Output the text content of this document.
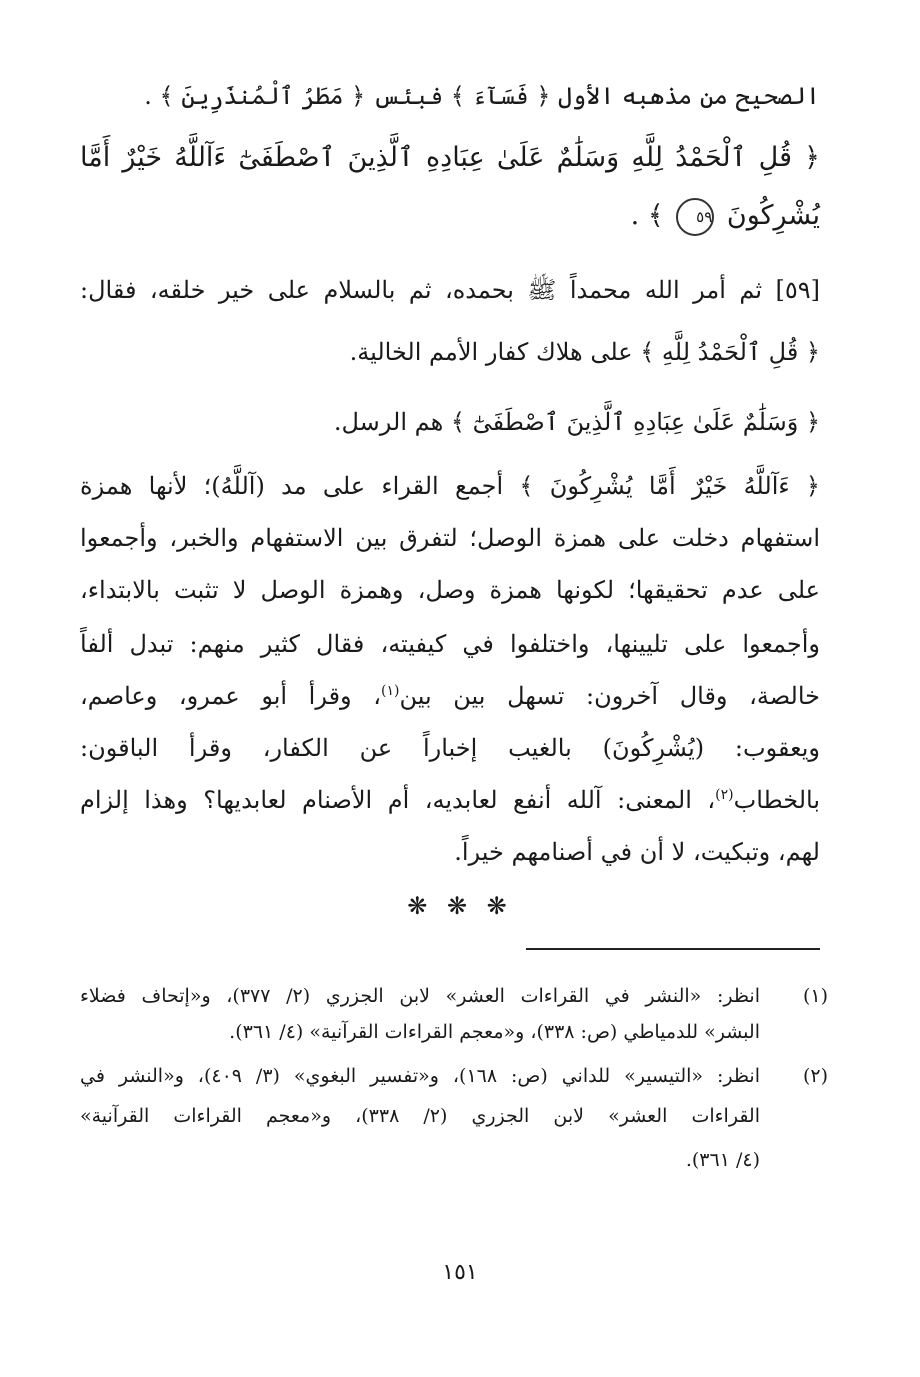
الصحيح من مذهبه الأول ﴿ فَسَآءَ ﴾ فبئس ﴿ مَطَرُ ٱلْمُنذَرِينَ ﴾ .
﴿ قُلِ ٱلْحَمْدُ لِلَّهِ وَسَلَٰمٌ عَلَىٰ عِبَادِهِ ٱلَّذِينَ ٱصْطَفَىٰٓ ءَآللَّهُ خَيْرٌ أَمَّا
يُشْرِكُونَ ٥٩ ﴾ .
[٥٩] ثم أمر الله محمداً ﷺ بحمده، ثم بالسلام على خير خلقه، فقال:
﴿ قُلِ ٱلْحَمْدُ لِلَّهِ ﴾ على هلاك كفار الأمم الخالية.
﴿ وَسَلَٰمٌ عَلَىٰ عِبَادِهِ ٱلَّذِينَ ٱصْطَفَىٰٓ ﴾ هم الرسل.
﴿ ءَآللَّهُ خَيْرٌ أَمَّا يُشْرِكُونَ ﴾ أجمع القراء على مد (آللَّهُ)؛ لأنها همزة
استفهام دخلت على همزة الوصل؛ لتفرق بين الاستفهام والخبر، وأجمعوا
على عدم تحقيقها؛ لكونها همزة وصل، وهمزة الوصل لا تثبت بالابتداء،
وأجمعوا على تليينها، واختلفوا في كيفيته، فقال كثير منهم: تبدل ألفاً
خالصة، وقال آخرون: تسهل بين بين$^{(١)}$، وقرأ أبو عمرو، وعاصم،
ويعقوب: (يُشْرِكُونَ) بالغيب إخباراً عن الكفار، وقرأ الباقون:
بالخطاب$^{(٢)}$، المعنى: آلله أنفع لعابديه، أم الأصنام لعابديها؟ وهذا إلزام
لهم، وتبكيت، لا أن في أصنامهم خيراً.
❋ ❋ ❋
(١)
انظر: «النشر في القراءات العشر» لابن الجزري (٢/ ٣٧٧)، و«إتحاف فضلاء
البشر» للدمياطي (ص: ٣٣٨)، و«معجم القراءات القرآنية» (٤/ ٣٦١).
(٢)
انظر: «التيسير» للداني (ص: ١٦٨)، و«تفسير البغوي» (٣/ ٤٠٩)، و«النشر في
القراءات العشر» لابن الجزري (٢/ ٣٣٨)، و«معجم القراءات القرآنية»
(٤/ ٣٦١).
١٥١
